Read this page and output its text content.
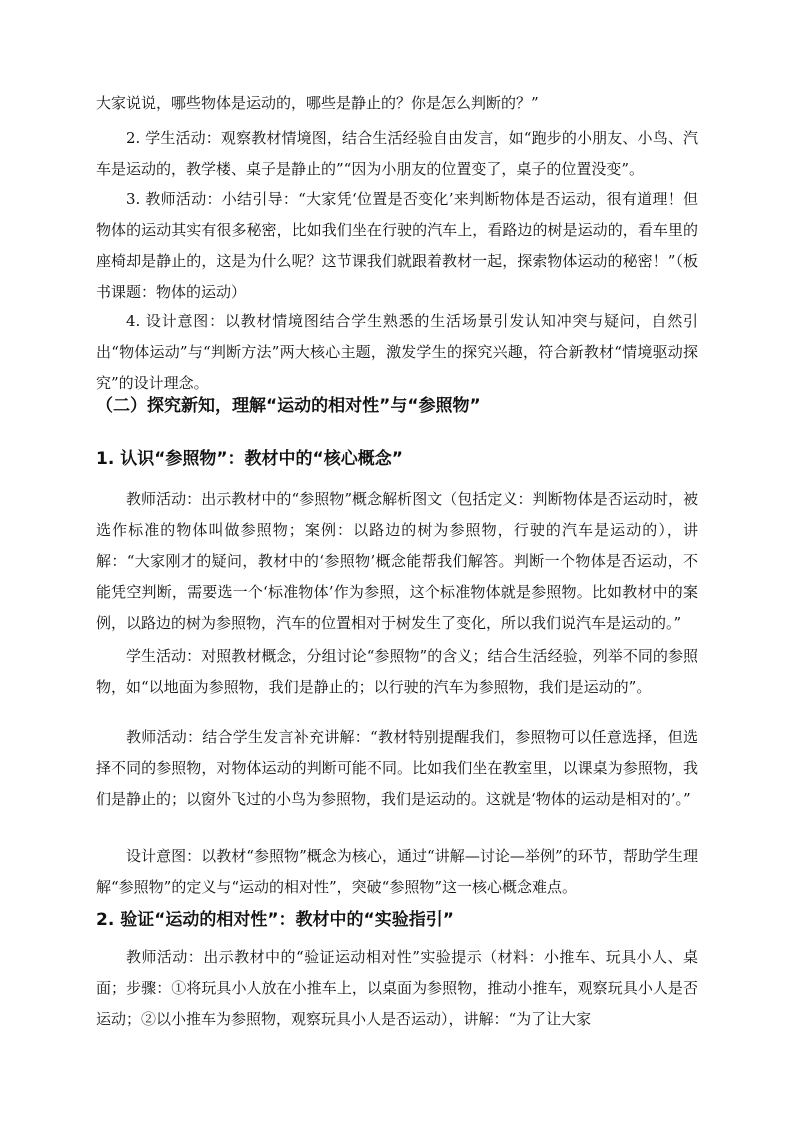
大家说说，哪些物体是运动的，哪些是静止的？你是怎么判断的？”

2. 学生活动：观察教材情境图，结合生活经验自由发言，如“跑步的小朋友、小鸟、汽车是运动的，教学楼、桌子是静止的”“因为小朋友的位置变了，桌子的位置没变”。

3. 教师活动：小结引导：“大家凭‘位置是否变化’来判断物体是否运动，很有道理！但物体的运动其实有很多秘密，比如我们坐在行驶的汽车上，看路边的树是运动的，看车里的座椅却是静止的，这是为什么呢？这节课我们就跟着教材一起，探索物体运动的秘密！”（板书课题：物体的运动）

4. 设计意图：以教材情境图结合学生熟悉的生活场景引发认知冲突与疑问，自然引出“物体运动”与“判断方法”两大核心主题，激发学生的探究兴趣，符合新教材“情境驱动探究”的设计理念。

（二）探究新知，理解“运动的相对性”与“参照物”
1. 认识“参照物”：教材中的“核心概念”

教师活动：出示教材中的“参照物”概念解析图文（包括定义：判断物体是否运动时，被选作标准的物体叫做参照物；案例：以路边的树为参照物，行驶的汽车是运动的），讲解：“大家刚才的疑问，教材中的‘参照物’概念能帮我们解答。判断一个物体是否运动，不能凭空判断，需要选一个‘标准物体’作为参照，这个标准物体就是参照物。比如教材中的案例，以路边的树为参照物，汽车的位置相对于树发生了变化，所以我们说汽车是运动的。”

学生活动：对照教材概念，分组讨论“参照物”的含义；结合生活经验，列举不同的参照物，如“以地面为参照物，我们是静止的；以行驶的汽车为参照物，我们是运动的”。

教师活动：结合学生发言补充讲解：“教材特别提醒我们，参照物可以任意选择，但选择不同的参照物，对物体运动的判断可能不同。比如我们坐在教室里，以课桌为参照物，我们是静止的；以窗外飞过的小鸟为参照物，我们是运动的。这就是‘物体的运动是相对的’。”

设计意图：以教材“参照物”概念为核心，通过“讲解—讨论—举例”的环节，帮助学生理解“参照物”的定义与“运动的相对性”，突破“参照物”这一核心概念难点。

2. 验证“运动的相对性”：教材中的“实验指引”

教师活动：出示教材中的“验证运动相对性”实验提示（材料：小推车、玩具小人、桌面；步骤：①将玩具小人放在小推车上，以桌面为参照物，推动小推车，观察玩具小人是否运动；②以小推车为参照物，观察玩具小人是否运动），讲解：“为了让大家
